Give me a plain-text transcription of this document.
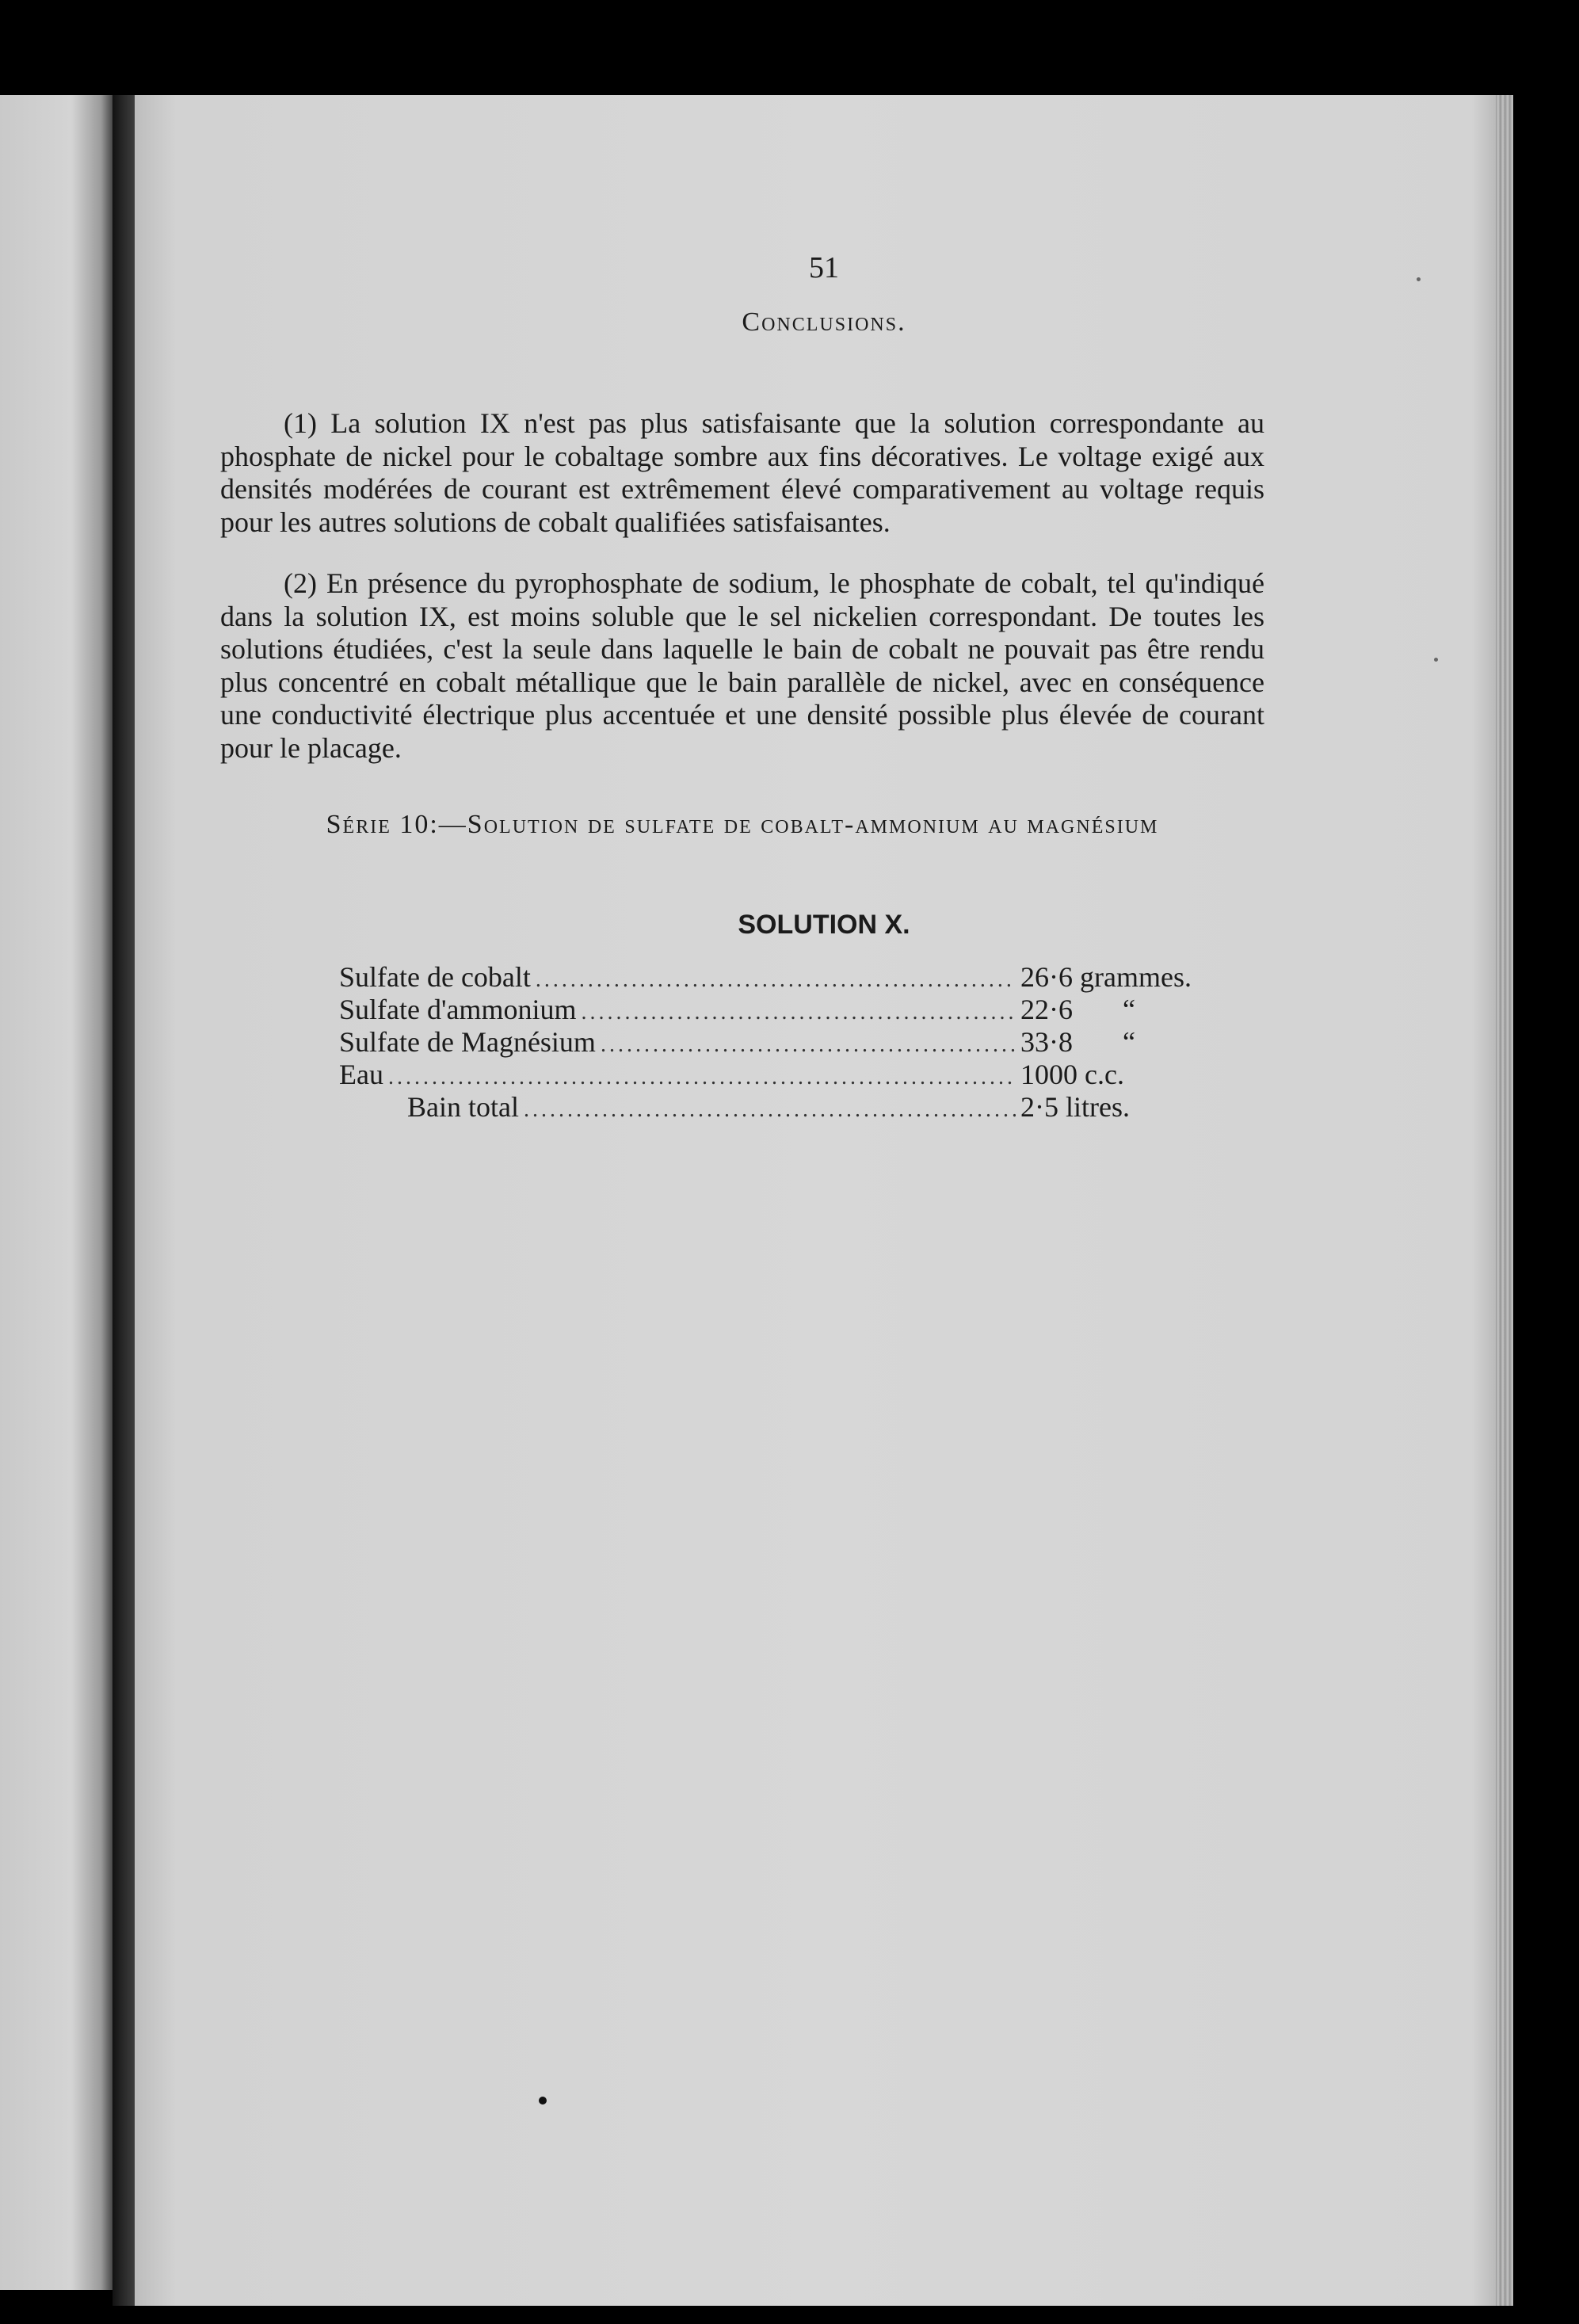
51
Conclusions.

(1) La solution IX n'est pas plus satisfaisante que la solution correspondante au phosphate de nickel pour le cobaltage sombre aux fins décoratives. Le voltage exigé aux densités modérées de courant est extrêmement élevé comparativement au voltage requis pour les autres solutions de cobalt qualifiées satisfaisantes.

(2) En présence du pyrophosphate de sodium, le phosphate de cobalt, tel qu'indiqué dans la solution IX, est moins soluble que le sel nickelien correspondant. De toutes les solutions étudiées, c'est la seule dans laquelle le bain de cobalt ne pouvait pas être rendu plus concentré en cobalt métallique que le bain parallèle de nickel, avec en conséquence une conductivité électrique plus accentuée et une densité possible plus élevée de courant pour le placage.

Série 10:—Solution de sulfate de cobalt-ammonium au magnésium
SOLUTION X.
Sulfate de cobalt .....	26·6 grammes.
Sulfate d'ammonium .....	22·6       “
Sulfate de Magnésium .....	33·8       “
Eau .....	1000 c.c.
Bain total .....	2·5 litres.
